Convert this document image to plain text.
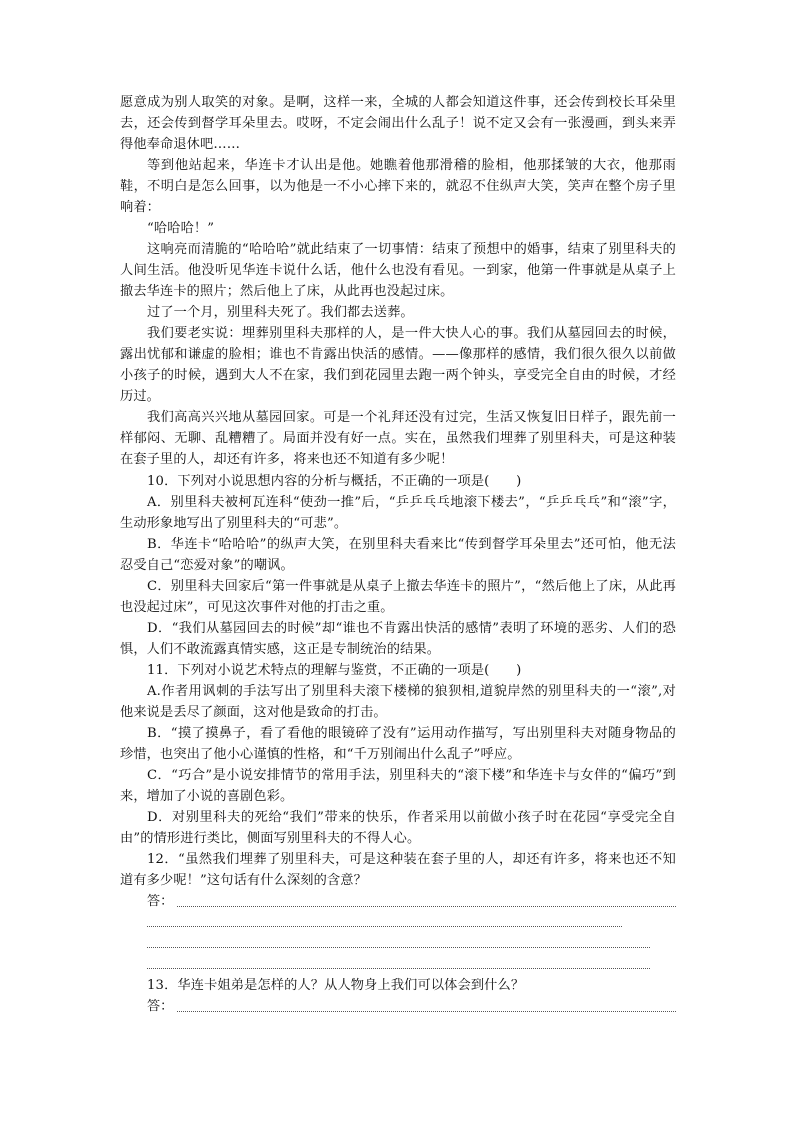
愿意成为别人取笑的对象。是啊，这样一来，全城的人都会知道这件事，还会传到校长耳朵里去，还会传到督学耳朵里去。哎呀，不定会闹出什么乱子！说不定又会有一张漫画，到头来弄得他奉命退休吧……

等到他站起来，华连卡才认出是他。她瞧着他那滑稽的脸相，他那揉皱的大衣，他那雨鞋，不明白是怎么回事，以为他是一不小心摔下来的，就忍不住纵声大笑，笑声在整个房子里响着：

“哈哈哈！”

这响亮而清脆的“哈哈哈”就此结束了一切事情：结束了预想中的婚事，结束了别里科夫的人间生活。他没听见华连卡说什么话，他什么也没有看见。一到家，他第一件事就是从桌子上撤去华连卡的照片；然后他上了床，从此再也没起过床。

过了一个月，别里科夫死了。我们都去送葬。

我们要老实说：埋葬别里科夫那样的人，是一件大快人心的事。我们从墓园回去的时候，露出忧郁和谦虚的脸相；谁也不肯露出快活的感情。——像那样的感情，我们很久很久以前做小孩子的时候，遇到大人不在家，我们到花园里去跑一两个钟头，享受完全自由的时候，才经历过。

我们高高兴兴地从墓园回家。可是一个礼拜还没有过完，生活又恢复旧日样子，跟先前一样郁闷、无聊、乱糟糟了。局面并没有好一点。实在，虽然我们埋葬了别里科夫，可是这种装在套子里的人，却还有许多，将来也还不知道有多少呢！

10．下列对小说思想内容的分析与概括，不正确的一项是(　　)

A．别里科夫被柯瓦连科“使劲一推”后，“乒乒乓乓地滚下楼去”，“乒乒乓乓”和“滚”字，生动形象地写出了别里科夫的“可悲”。

B．华连卡“哈哈哈”的纵声大笑，在别里科夫看来比“传到督学耳朵里去”还可怕，他无法忍受自己“恋爱对象”的嘲讽。

C．别里科夫回家后“第一件事就是从桌子上撤去华连卡的照片”，“然后他上了床，从此再也没起过床”，可见这次事件对他的打击之重。

D．“我们从墓园回去的时候”却“谁也不肯露出快活的感情”表明了环境的恶劣、人们的恐惧，人们不敢流露真情实感，这正是专制统治的结果。

11．下列对小说艺术特点的理解与鉴赏，不正确的一项是(　　)

A.作者用讽刺的手法写出了别里科夫滚下楼梯的狼狈相,道貌岸然的别里科夫的一“滚”,对他来说是丢尽了颜面，这对他是致命的打击。

B．“摸了摸鼻子，看了看他的眼镜碎了没有”运用动作描写，写出别里科夫对随身物品的珍惜，也突出了他小心谨慎的性格，和“千万别闹出什么乱子”呼应。

C．“巧合”是小说安排情节的常用手法，别里科夫的“滚下楼”和华连卡与女伴的“偏巧”到来，增加了小说的喜剧色彩。

D．对别里科夫的死给“我们”带来的快乐，作者采用以前做小孩子时在花园“享受完全自由”的情形进行类比，侧面写别里科夫的不得人心。

12．“虽然我们埋葬了别里科夫，可是这种装在套子里的人，却还有许多，将来也还不知道有多少呢！”这句话有什么深刻的含意？

答：

13．华连卡姐弟是怎样的人？从人物身上我们可以体会到什么？

答：
